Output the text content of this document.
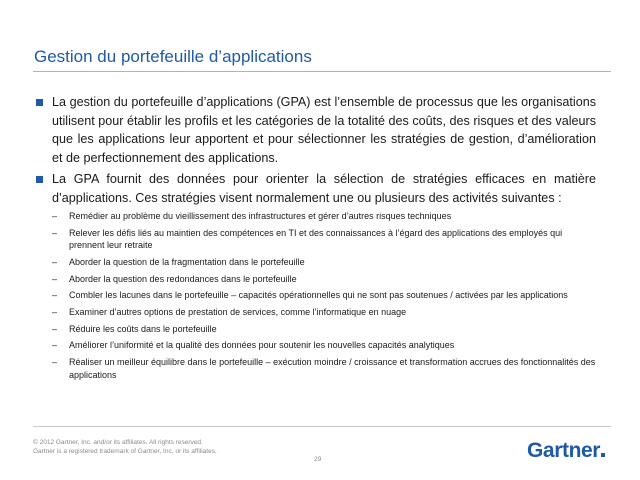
Gestion du portefeuille d’applications
La gestion du portefeuille d’applications (GPA) est l’ensemble de processus que les organisations utilisent pour établir les profils et les catégories de la totalité des coûts, des risques et des valeurs que les applications leur apportent et pour sélectionner les stratégies de gestion, d’amélioration et de perfectionnement des applications.
La GPA fournit des données pour orienter la sélection de stratégies efficaces en matière d’applications. Ces stratégies visent normalement une ou plusieurs des activités suivantes :
– Remédier au problème du vieillissement des infrastructures et gérer d’autres risques techniques
– Relever les défis liés au maintien des compétences en TI et des connaissances à l’égard des applications des employés qui prennent leur retraite
– Aborder la question de la fragmentation dans le portefeuille
– Aborder la question des redondances dans le portefeuille
– Combler les lacunes dans le portefeuille – capacités opérationnelles qui ne sont pas soutenues / activées par les applications
– Examiner d’autres options de prestation de services, comme l’informatique en nuage
– Réduire les coûts dans le portefeuille
– Améliorer l’uniformité et la qualité des données pour soutenir les nouvelles capacités analytiques
– Réaliser un meilleur équilibre dans le portefeuille – exécution moindre / croissance et transformation accrues des fonctionnalités des applications
© 2012 Gartner, Inc. and/or its affiliates. All rights reserved.
Gartner is a registered trademark of Gartner, Inc. or its affiliates.
29	Gartner
